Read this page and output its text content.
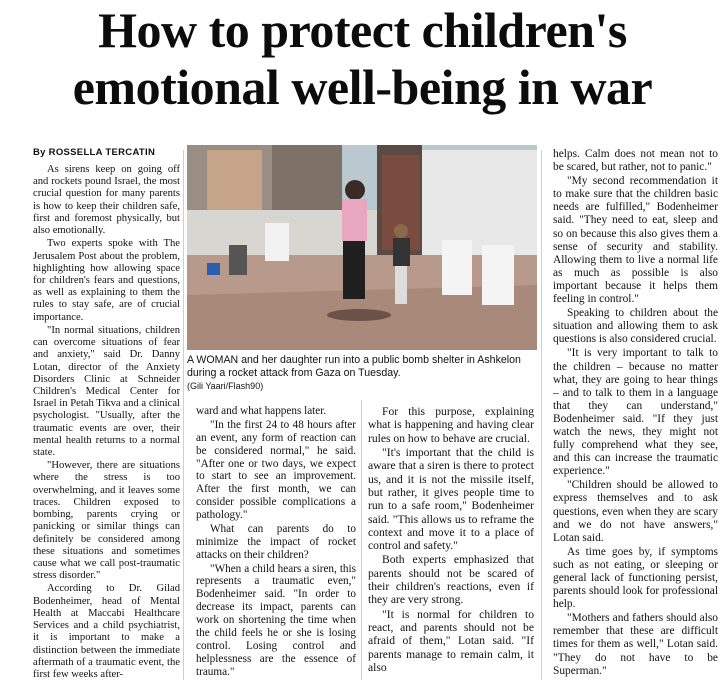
How to protect children's
emotional well-being in war
By ROSSELLA TERCATIN

As sirens keep on going off and rockets pound Israel, the most crucial question for many parents is how to keep their children safe, first and foremost physically, but also emotionally.

Two experts spoke with The Jerusalem Post about the problem, highlighting how allowing space for children's fears and questions, as well as explaining to them the rules to stay safe, are of crucial importance.

"In normal situations, children can overcome situations of fear and anxiety," said Dr. Danny Lotan, director of the Anxiety Disorders Clinic at Schneider Children's Medical Center for Israel in Petah Tikva and a clinical psychologist. "Usually, after the traumatic events are over, their mental health returns to a normal state.

"However, there are situations where the stress is too overwhelming, and it leaves some traces. Children exposed to bombing, parents crying or panicking or similar things can definitely be considered among these situations and sometimes cause what we call post-traumatic stress disorder."

According to Dr. Gilad Bodenheimer, head of Mental Health at Maccabi Healthcare Services and a child psychiatrist, it is important to make a distinction between the immediate aftermath of a traumatic event, the first few weeks after-

A WOMAN and her daughter run into a public bomb shelter in Ashkelon during a rocket attack from Gaza on Tuesday.
(Gili Yaari/Flash90)

ward and what happens later.

"In the first 24 to 48 hours after an event, any form of reaction can be considered normal," he said. "After one or two days, we expect to start to see an improvement. After the first month, we can consider possible complications a pathology."

What can parents do to minimize the impact of rocket attacks on their children?

"When a child hears a siren, this represents a traumatic even," Bodenheimer said. "In order to decrease its impact, parents can work on shortening the time when the child feels he or she is losing control. Losing control and helplessness are the essence of trauma."

For this purpose, explaining what is happening and having clear rules on how to behave are crucial.

"It's important that the child is aware that a siren is there to protect us, and it is not the missile itself, but rather, it gives people time to run to a safe room," Bodenheimer said. "This allows us to reframe the context and move it to a place of control and safety."

Both experts emphasized that parents should not be scared of their children's reactions, even if they are very strong.

"It is normal for children to react, and parents should not be afraid of them," Lotan said. "If parents manage to remain calm, it also

helps. Calm does not mean not to be scared, but rather, not to panic."

"My second recommendation it to make sure that the children basic needs are fulfilled," Bodenheimer said. "They need to eat, sleep and so on because this also gives them a sense of security and stability. Allowing them to live a normal life as much as possible is also important because it helps them feeling in control."

Speaking to children about the situation and allowing them to ask questions is also considered crucial.

"It is very important to talk to the children – because no matter what, they are going to hear things – and to talk to them in a language that they can understand," Bodenheimer said. "If they just watch the news, they might not fully comprehend what they see, and this can increase the traumatic experience."

"Children should be allowed to express themselves and to ask questions, even when they are scary and we do not have answers," Lotan said.

As time goes by, if symptoms such as not eating, or sleeping or general lack of functioning persist, parents should look for professional help.

"Mothers and fathers should also remember that these are difficult times for them as well," Lotan said. "They do not have to be Superman."
